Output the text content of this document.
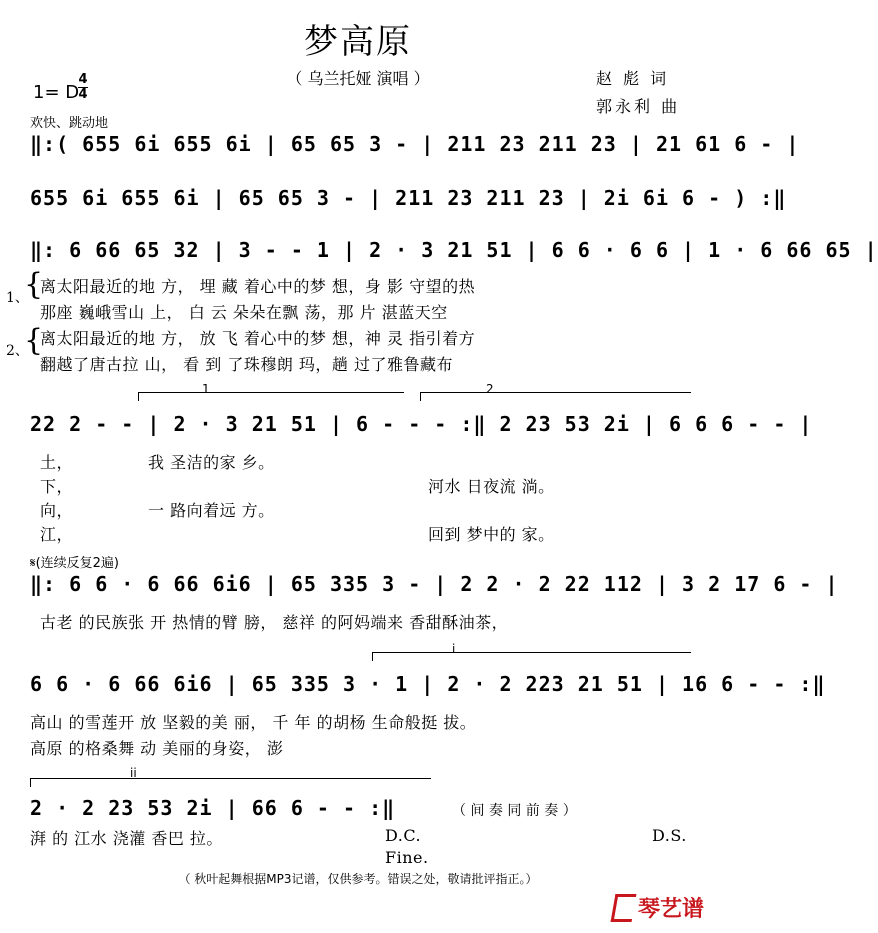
梦高原
（ 乌兰托娅 演唱 ）	赵 彪 词
郭永利 曲
1= D
4
4
欢快、跳动地
‖:( 655 6i 655 6i | 65 65 3 - | 211 23 211 23 | 21 61 6 - |
655 6i 655 6i | 65 65 3 - | 211 23 211 23 | 2i 6i 6 - ) :‖
‖: 6 66 65 32 | 3 - - 1 | 2 · 3 21 51 | 6 6 · 6 6 | 1 · 6 66 65 |
{
{
1、
2、
离太阳最近的地 方， 埋 藏 着心中的梦 想，身 影 守望的热
那座 巍峨雪山 上， 白 云 朵朵在飘 荡，那 片 湛蓝天空
离太阳最近的地 方， 放 飞 着心中的梦 想，神 灵 指引着方
翻越了唐古拉 山， 看 到 了珠穆朗 玛，趟 过了雅鲁藏布
1	2
22 2 - - | 2 · 3 21 51 | 6 - - - :‖ 2 23 53 2i | 6 6 6 - - |
土，	我 圣洁的家 乡。
下，	河水 日夜流 淌。
向，	一 路向着远 方。
江，	回到 梦中的 家。
𝄋(连续反复2遍)
‖: 6 6 · 6 66 6i6 | 65 335 3 - | 2 2 · 2 22 112 | 3 2 17 6 - |
古老 的民族张 开 热情的臂 膀， 慈祥 的阿妈端来 香甜酥油茶，
i
6 6 · 6 66 6i6 | 65 335 3 · 1 | 2 · 2 223 21 51 | 16 6 - - :‖
高山 的雪莲开 放 坚毅的美 丽， 千 年 的胡杨 生命般挺 拔。
高原 的格桑舞 动 美丽的身姿， 澎
ii
2 · 2 23 53 2i | 66 6 - - :‖	（ 间 奏 同 前 奏 ）
湃 的 江水 浇灌 香巴 拉。	D.C.
Fine.
D.S.
（ 秋叶起舞根据MP3记谱，仅供参考。错误之处，敬请批评指正。）
琴艺谱
